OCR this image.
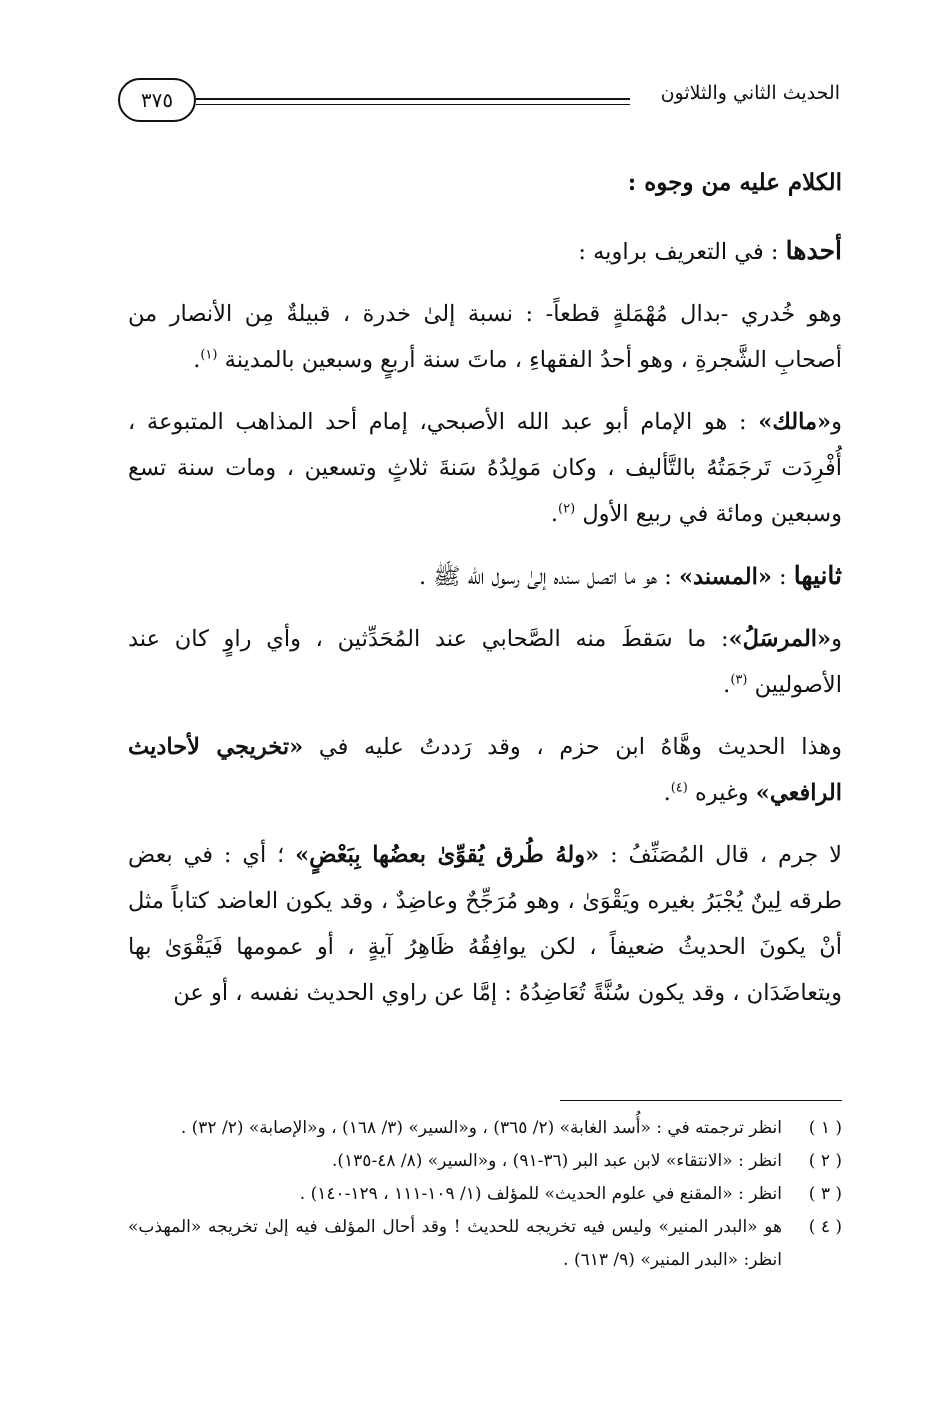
الحديث الثاني والثلاثون
٣٧٥

الكلام عليه من وجوه :

أحدها : في التعريف براويه :

وهو خُدري -بدال مُهْمَلةٍ قطعاً- : نسبة إلىٰ خدرة ، قبيلةٌ مِن الأنصار من أصحابِ الشَّجرةِ ، وهو أحدُ الفقهاءِ ، ماتَ سنة أربعٍ وسبعين بالمدينة $^{(١)}$.

و«مالك» : هو الإمام أبو عبد الله الأصبحي، إمام أحد المذاهب المتبوعة ، أُفْرِدَت تَرجَمَتُهُ بالتَّأليف ، وكان مَولِدُهُ سَنةَ ثلاثٍ وتسعين ، ومات سنة تسع وسبعين ومائة في ربيع الأول $^{(٢)}$.

ثانيها : «المسند» : هو ما اتصل سنده إلىٰ رسول الله ﷺ .

و«المرسَلُ»: ما سَقطَ منه الصَّحابي عند المُحَدِّثين ، وأي راوٍ كان عند الأصوليين $^{(٣)}$.

وهذا الحديث وهَّاهُ ابن حزم ، وقد رَددتُ عليه في «تخريجي لأحاديث الرافعي» وغيره $^{(٤)}$.

لا جرم ، قال المُصَنِّفُ : «ولهُ طُرق يُقوِّىٰ بعضُها بِبَعْضٍ» ؛ أي : في بعض طرقه لِينٌ يُجْبَرُ بغيره ويَقْوَىٰ ، وهو مُرَجِّحٌ وعاضِدٌ ، وقد يكون العاضد كتاباً مثل أنْ يكونَ الحديثُ ضعيفاً ، لكن يوافِقُهُ ظَاهِرُ آيةٍ ، أو عمومها فَيَقْوَىٰ بها ويتعاضَدَان ، وقد يكون سُنَّةً تُعَاضِدُهُ : إمَّا عن راوي الحديث نفسه ، أو عن

( ١ )
انظر ترجمته في : «أُسد الغابة» (٢/ ٣٦٥) ، و«السير» (٣/ ١٦٨) ، و«الإصابة» (٢/ ٣٢) .
( ٢ )
انظر : «الانتقاء» لابن عبد البر (٣٦-٩١) ، و«السير» (٨/ ٤٨-١٣٥).
( ٣ )
انظر : «المقنع في علوم الحديث» للمؤلف (١/ ١٠٩-١١١ ، ١٢٩-١٤٠) .
( ٤ )
هو «البدر المنير» وليس فيه تخريجه للحديث ! وقد أحال المؤلف فيه إلىٰ تخريجه «المهذب» انظر: «البدر المنير» (٩/ ٦١٣) .
